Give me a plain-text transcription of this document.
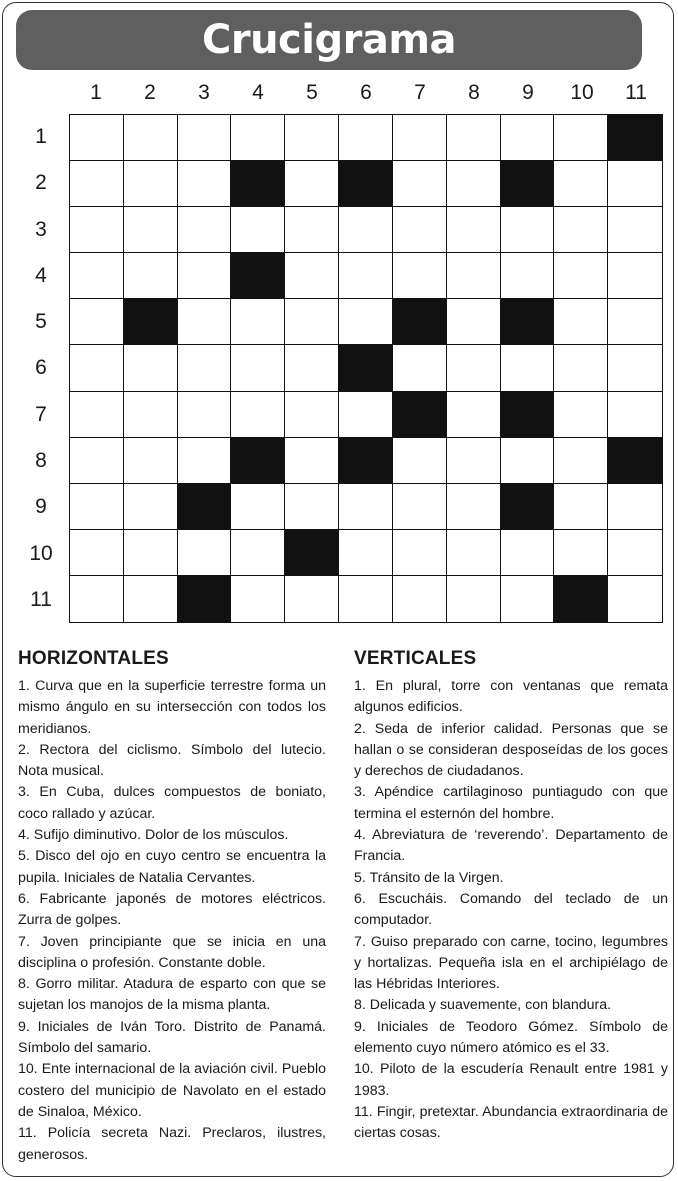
Crucigrama
1	2	3	4	5	6	7	8	9	10	11
1
2
3
4
5
6
7
8
9
10
11
HORIZONTALES

1. Curva que en la superficie terrestre forma un mismo ángulo en su intersección con todos los meridianos.

2. Rectora del ciclismo. Símbolo del lutecio. Nota musical.

3. En Cuba, dulces compuestos de boniato, coco rallado y azúcar.

4. Sufijo diminutivo. Dolor de los músculos.

5. Disco del ojo en cuyo centro se encuentra la pupila. Iniciales de Natalia Cervantes.

6. Fabricante japonés de motores eléctricos. Zurra de golpes.

7. Joven principiante que se inicia en una disciplina o profesión. Constante doble.

8. Gorro militar. Atadura de esparto con que se sujetan los manojos de la misma planta.

9. Iniciales de Iván Toro. Distrito de Panamá. Símbolo del samario.

10. Ente internacional de la aviación civil. Pueblo costero del municipio de Navolato en el estado de Sinaloa, México.

11. Policía secreta Nazi. Preclaros, ilustres, generosos.

VERTICALES

1. En plural, torre con ventanas que remata algunos edificios.

2. Seda de inferior calidad. Personas que se hallan o se consideran desposeídas de los goces y derechos de ciudadanos.

3. Apéndice cartilaginoso puntiagudo con que termina el esternón del hombre.

4. Abreviatura de ‘reverendo’. Departamento de Francia.

5. Tránsito de la Virgen.

6. Escucháis. Comando del teclado de un computador.

7. Guiso preparado con carne, tocino, legumbres y hortalizas. Pequeña isla en el archipiélago de las Hébridas Interiores.

8. Delicada y suavemente, con blandura.

9. Iniciales de Teodoro Gómez. Símbolo de elemento cuyo número atómico es el 33.

10. Piloto de la escudería Renault entre 1981 y 1983.

11. Fingir, pretextar. Abundancia extraordinaria de ciertas cosas.
